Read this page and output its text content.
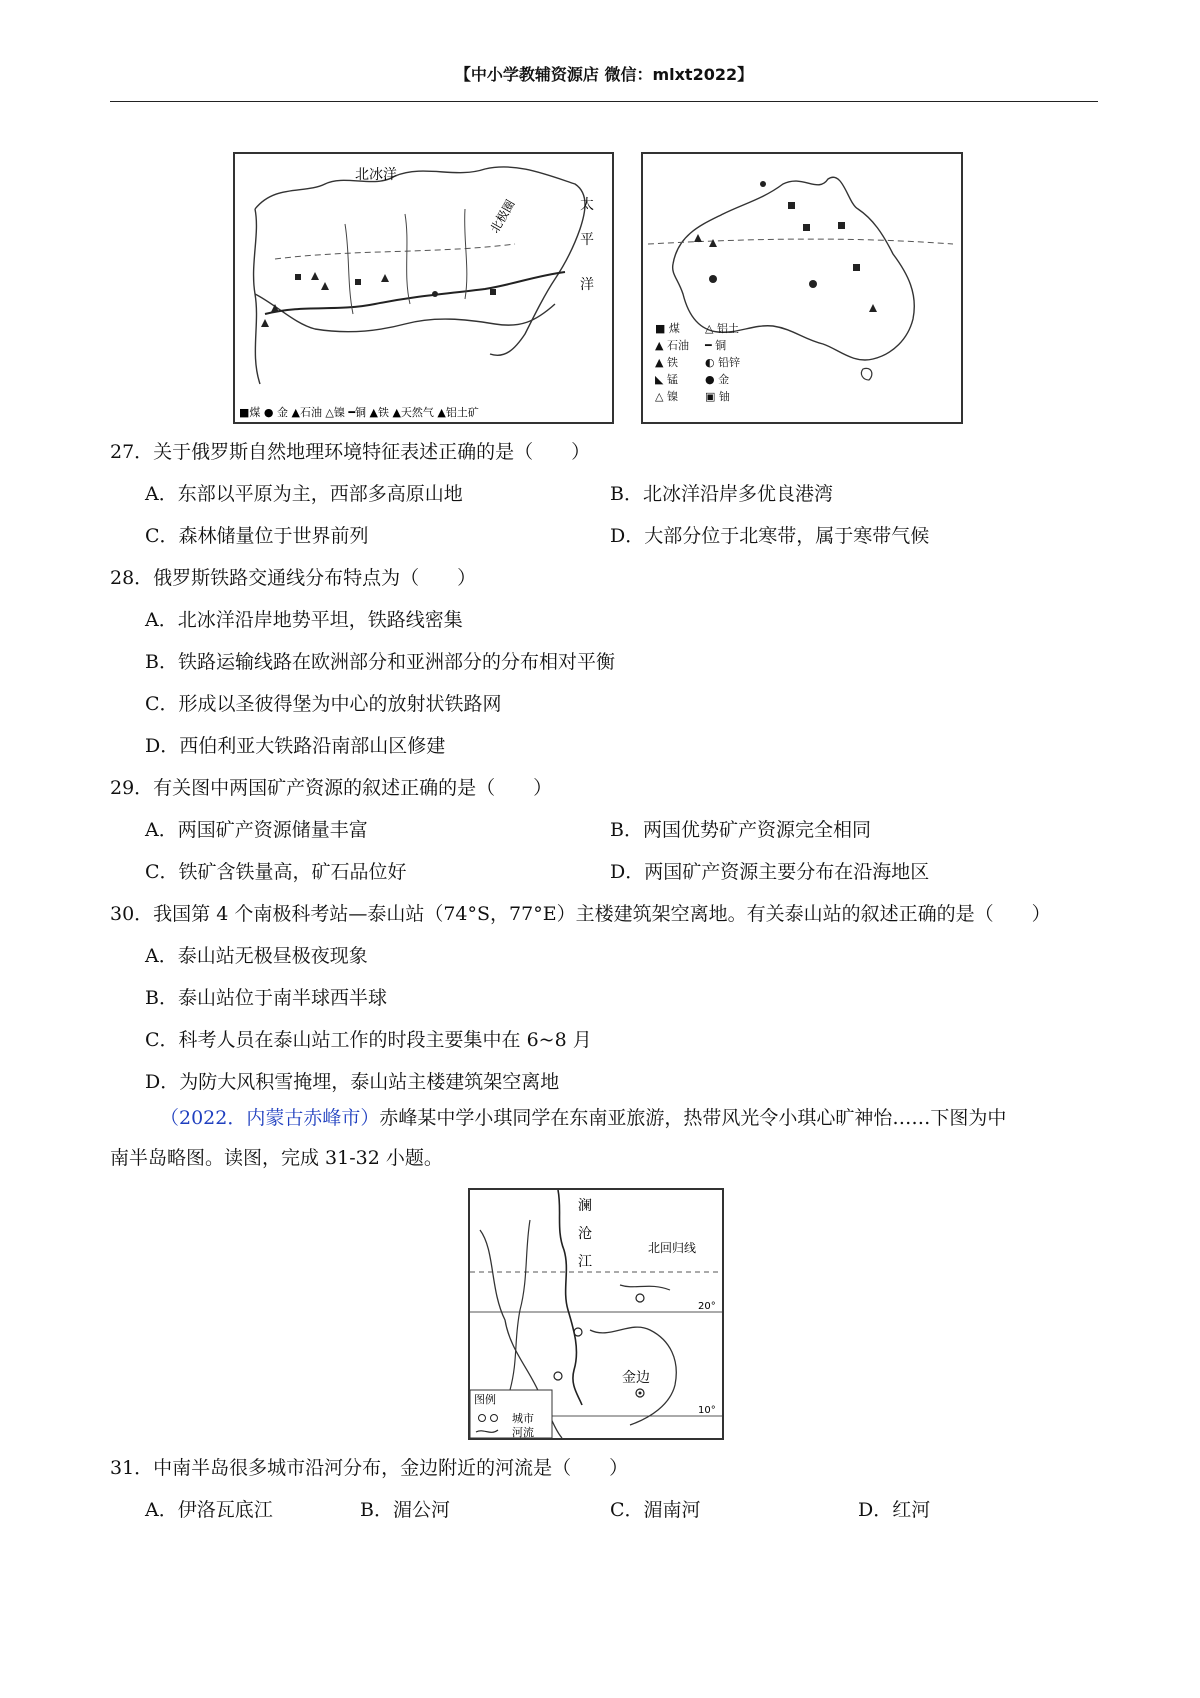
【中小学教辅资源店 微信：mlxt2022】
北冰洋
太
平
洋
北极圈
■煤 ● 金 ▲石油 △镍 ━铜 ▲铁 ▲天然气 ▲铝土矿
■ 煤 △ 铝土
▲ 石油 ━ 铜
▲ 铁 ◐ 铅锌
◣ 锰 ● 金
△ 镍 ▣ 铀
27．关于俄罗斯自然地理环境特征表述正确的是（　　）
A．东部以平原为主，西部多高原山地	B．北冰洋沿岸多优良港湾
C．森林储量位于世界前列	D．大部分位于北寒带，属于寒带气候
28．俄罗斯铁路交通线分布特点为（　　）
A．北冰洋沿岸地势平坦，铁路线密集
B．铁路运输线路在欧洲部分和亚洲部分的分布相对平衡
C．形成以圣彼得堡为中心的放射状铁路网
D．西伯利亚大铁路沿南部山区修建
29．有关图中两国矿产资源的叙述正确的是（　　）
A．两国矿产资源储量丰富	B．两国优势矿产资源完全相同
C．铁矿含铁量高，矿石品位好	D．两国矿产资源主要分布在沿海地区
30．我国第 4 个南极科考站—泰山站（74°S，77°E）主楼建筑架空离地。有关泰山站的叙述正确的是（　　）
A．泰山站无极昼极夜现象
B．泰山站位于南半球西半球
C．科考人员在泰山站工作的时段主要集中在 6~8 月
D．为防大风积雪掩埋，泰山站主楼建筑架空离地
（2022．内蒙古赤峰市）赤峰某中学小琪同学在东南亚旅游，热带风光令小琪心旷神怡……下图为中
南半岛略图。读图，完成 31-32 小题。
澜
沧
江
北回归线
20°
10°
金边
图例
城市
河流
31．中南半岛很多城市沿河分布，金边附近的河流是（　　）
A．伊洛瓦底江	B．湄公河	C．湄南河	D．红河
